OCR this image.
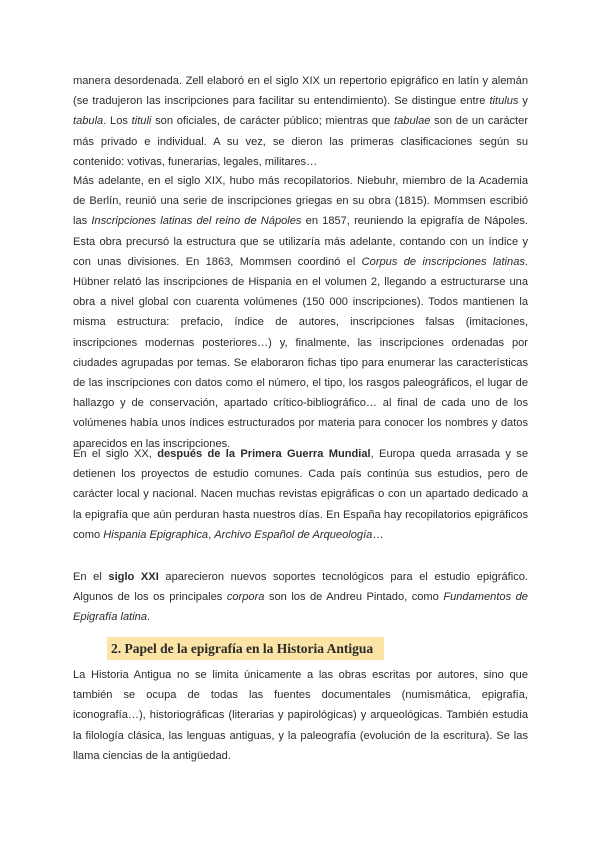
manera desordenada. Zell elaboró en el siglo XIX un repertorio epigráfico en latín y alemán (se tradujeron las inscripciones para facilitar su entendimiento). Se distingue entre titulus y tabula. Los tituli son oficiales, de carácter público; mientras que tabulae son de un carácter más privado e individual. A su vez, se dieron las primeras clasificaciones según su contenido: votivas, funerarias, legales, militares…

Más adelante, en el siglo XIX, hubo más recopilatorios. Niebuhr, miembro de la Academia de Berlín, reunió una serie de inscripciones griegas en su obra (1815). Mommsen escribió las Inscripciones latinas del reino de Nápoles en 1857, reuniendo la epigrafía de Nápoles. Esta obra precursó la estructura que se utilizaría más adelante, contando con un índice y con unas divisiones. En 1863, Mommsen coordinó el Corpus de inscripciones latinas. Hübner relató las inscripciones de Hispania en el volumen 2, llegando a estructurarse una obra a nivel global con cuarenta volúmenes (150 000 inscripciones). Todos mantienen la misma estructura: prefacio, índice de autores, inscripciones falsas (imitaciones, inscripciones modernas posteriores…) y, finalmente, las inscripciones ordenadas por ciudades agrupadas por temas. Se elaboraron fichas tipo para enumerar las características de las inscripciones con datos como el número, el tipo, los rasgos paleográficos, el lugar de hallazgo y de conservación, apartado crítico-bibliográfico… al final de cada uno de los volúmenes había unos índices estructurados por materia para conocer los nombres y datos aparecidos en las inscripciones.

En el siglo XX, después de la Primera Guerra Mundial, Europa queda arrasada y se detienen los proyectos de estudio comunes. Cada país continúa sus estudios, pero de carácter local y nacional. Nacen muchas revistas epigráficas o con un apartado dedicado a la epigrafía que aún perduran hasta nuestros días. En España hay recopilatorios epigráficos como Hispania Epigraphica, Archivo Español de Arqueología…

En el siglo XXI aparecieron nuevos soportes tecnológicos para el estudio epigráfico. Algunos de los os principales corpora son los de Andreu Pintado, como Fundamentos de Epigrafía latina.

2. Papel de la epigrafía en la Historia Antigua

La Historia Antigua no se limita únicamente a las obras escritas por autores, sino que también se ocupa de todas las fuentes documentales (numismática, epigrafía, iconografía…), historiográficas (literarias y papirológicas) y arqueológicas. También estudia la filología clásica, las lenguas antiguas, y la paleografía (evolución de la escritura). Se las llama ciencias de la antigüedad.
